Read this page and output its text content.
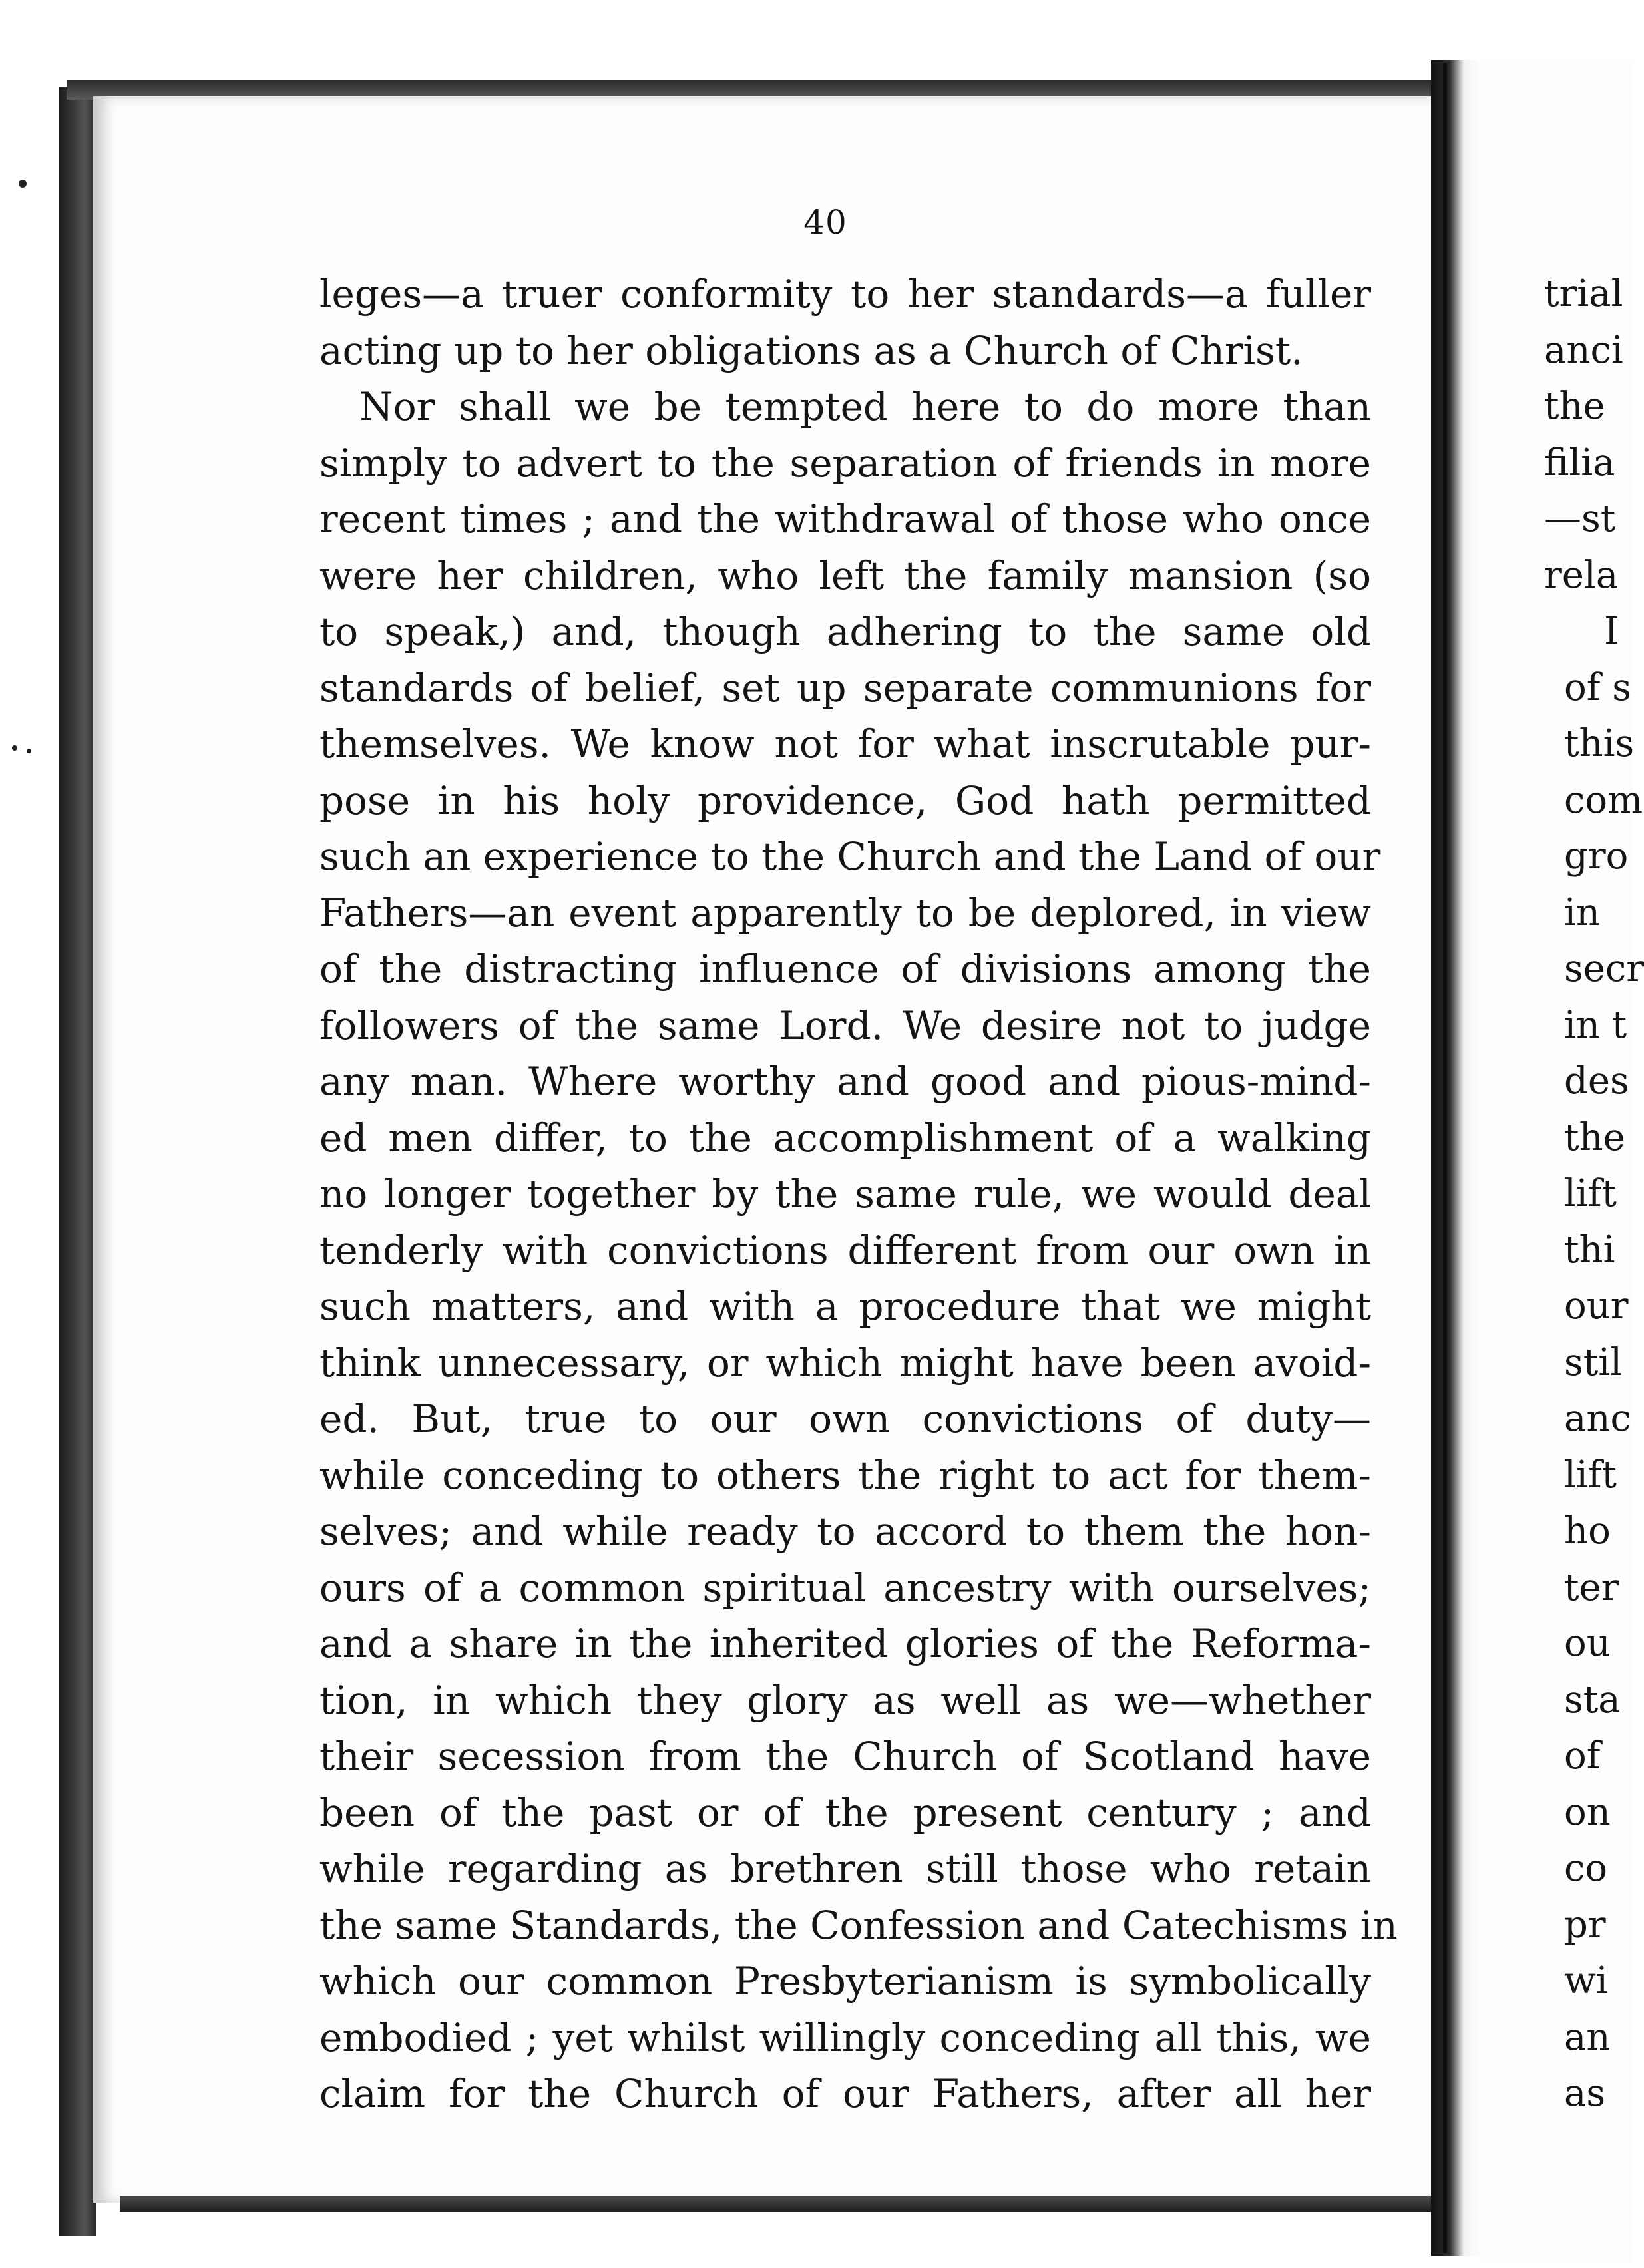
40
leges—a truer conformity to her standards—a fuller
acting up to her obligations as a Church of Christ.
Nor shall we be tempted here to do more than
simply to advert to the separation of friends in more
recent times ; and the withdrawal of those who once
were her children, who left the family mansion (so
to speak,) and, though adhering to the same old
standards of belief, set up separate communions for
themselves. We know not for what inscrutable pur-
pose in his holy providence, God hath permitted
such an experience to the Church and the Land of our
Fathers—an event apparently to be deplored, in view
of the distracting influence of divisions among the
followers of the same Lord. We desire not to judge
any man. Where worthy and good and pious-mind-
ed men differ, to the accomplishment of a walking
no longer together by the same rule, we would deal
tenderly with convictions different from our own in
such matters, and with a procedure that we might
think unnecessary, or which might have been avoid-
ed. But, true to our own convictions of duty—
while conceding to others the right to act for them-
selves; and while ready to accord to them the hon-
ours of a common spiritual ancestry with ourselves;
and a share in the inherited glories of the Reforma-
tion, in which they glory as well as we—whether
their secession from the Church of Scotland have
been of the past or of the present century ; and
while regarding as brethren still those who retain
the same Standards, the Confession and Catechisms in
which our common Presbyterianism is symbolically
embodied ; yet whilst willingly conceding all this, we
claim for the Church of our Fathers, after all her
trial
anci
the
filia
—st
rela
I
of s
this
com
gro
in
secr
in t
des
the
lift
thi
our
stil
anc
lift
ho
ter
ou
sta
of
on
co
pr
wi
an
as
